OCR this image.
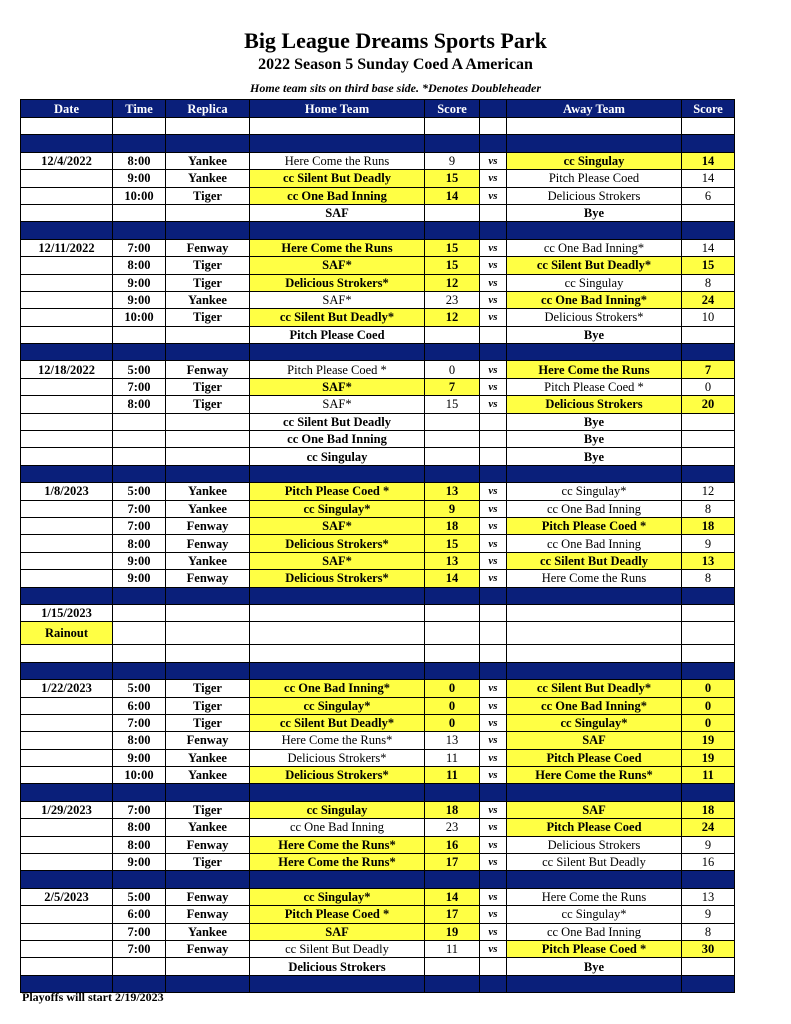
Big League Dreams Sports Park
2022 Season 5 Sunday Coed A American
Home team sits on third base side. *Denotes Doubleheader
Date	Time	Replica	Home Team	Score		Away Team	Score

12/4/2022	8:00	Yankee	Here Come the Runs	9	vs	cc Singulay	14
	9:00	Yankee	cc Silent But Deadly	15	vs	Pitch Please Coed	14
	10:00	Tiger	cc One Bad Inning	14	vs	Delicious Strokers	6
			SAF			Bye	

12/11/2022	7:00	Fenway	Here Come the Runs	15	vs	cc One Bad Inning*	14
	8:00	Tiger	SAF*	15	vs	cc Silent But Deadly*	15
	9:00	Tiger	Delicious Strokers*	12	vs	cc Singulay	8
	9:00	Yankee	SAF*	23	vs	cc One Bad Inning*	24
	10:00	Tiger	cc Silent But Deadly*	12	vs	Delicious Strokers*	10
			Pitch Please Coed			Bye	

12/18/2022	5:00	Fenway	Pitch Please Coed *	0	vs	Here Come the Runs	7
	7:00	Tiger	SAF*	7	vs	Pitch Please Coed *	0
	8:00	Tiger	SAF*	15	vs	Delicious Strokers	20
			cc Silent But Deadly			Bye	
			cc One Bad Inning			Bye	
			cc Singulay			Bye	

1/8/2023	5:00	Yankee	Pitch Please Coed *	13	vs	cc Singulay*	12
	7:00	Yankee	cc Singulay*	9	vs	cc One Bad Inning	8
	7:00	Fenway	SAF*	18	vs	Pitch Please Coed *	18
	8:00	Fenway	Delicious Strokers*	15	vs	cc One Bad Inning	9
	9:00	Yankee	SAF*	13	vs	cc Silent But Deadly	13
	9:00	Fenway	Delicious Strokers*	14	vs	Here Come the Runs	8

1/15/2023							
Rainout							

1/22/2023	5:00	Tiger	cc One Bad Inning*	0	vs	cc Silent But Deadly*	0
	6:00	Tiger	cc Singulay*	0	vs	cc One Bad Inning*	0
	7:00	Tiger	cc Silent But Deadly*	0	vs	cc Singulay*	0
	8:00	Fenway	Here Come the Runs*	13	vs	SAF	19
	9:00	Yankee	Delicious Strokers*	11	vs	Pitch Please Coed	19
	10:00	Yankee	Delicious Strokers*	11	vs	Here Come the Runs*	11

1/29/2023	7:00	Tiger	cc Singulay	18	vs	SAF	18
	8:00	Yankee	cc One Bad Inning	23	vs	Pitch Please Coed	24
	8:00	Fenway	Here Come the Runs*	16	vs	Delicious Strokers	9
	9:00	Tiger	Here Come the Runs*	17	vs	cc Silent But Deadly	16

2/5/2023	5:00	Fenway	cc Singulay*	14	vs	Here Come the Runs	13
	6:00	Fenway	Pitch Please Coed *	17	vs	cc Singulay*	9
	7:00	Yankee	SAF	19	vs	cc One Bad Inning	8
	7:00	Fenway	cc Silent But Deadly	11	vs	Pitch Please Coed *	30
			Delicious Strokers			Bye	

Playoffs will start 2/19/2023
